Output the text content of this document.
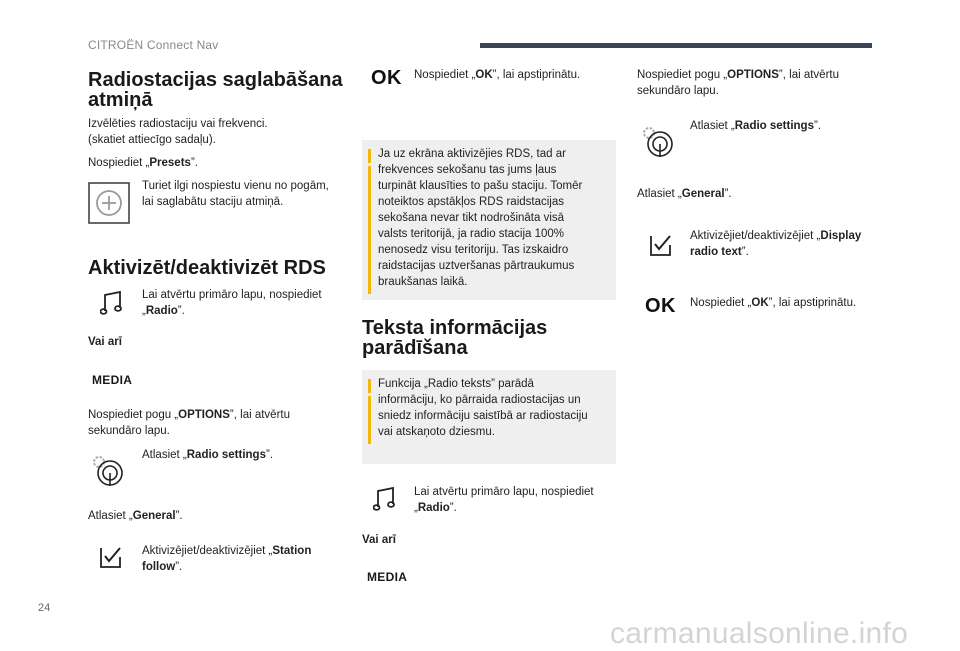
CITROËN Connect Nav
Radiostacijas saglabāšana
atmiņā

Izvēlēties radiostaciju vai frekvenci.
(skatiet attiecīgo sadaļu).

Nospiediet „Presets”.

Turiet ilgi nospiestu vienu no pogām,
lai saglabātu staciju atmiņā.

Aktivizēt/deaktivizēt RDS

Lai atvērtu primāro lapu, nospiediet
„Radio”.

Vai arī

MEDIA

Nospiediet pogu „OPTIONS”, lai atvērtu
sekundāro lapu.

Atlasiet „Radio settings”.

Atlasiet „General”.

Aktivizējiet/deaktivizējiet „Station
follow”.

OK Nospiediet „OK”, lai apstiprinātu.

Ja uz ekrāna aktivizējies RDS, tad ar
frekvences sekošanu tas jums ļaus
turpināt klausīties to pašu staciju. Tomēr
noteiktos apstākļos RDS raidstacijas
sekošana nevar tikt nodrošināta visā
valsts teritorijā, ja radio stacija 100%
nenosedz visu teritoriju. Tas izskaidro
raidstacijas uztveršanas pārtraukumus
braukšanas laikā.

Teksta informācijas
parādīšana

Funkcija „Radio teksts” parādā
informāciju, ko pārraida radiostacijas un
sniedz informāciju saistībā ar radiostaciju
vai atskaņoto dziesmu.

Lai atvērtu primāro lapu, nospiediet
„Radio”.

Vai arī

MEDIA

Nospiediet pogu „OPTIONS”, lai atvērtu
sekundāro lapu.

Atlasiet „Radio settings”.

Atlasiet „General”.

Aktivizējiet/deaktivizējiet „Display
radio text”.

OK Nospiediet „OK”, lai apstiprinātu.

24
carmanualsonline.info
